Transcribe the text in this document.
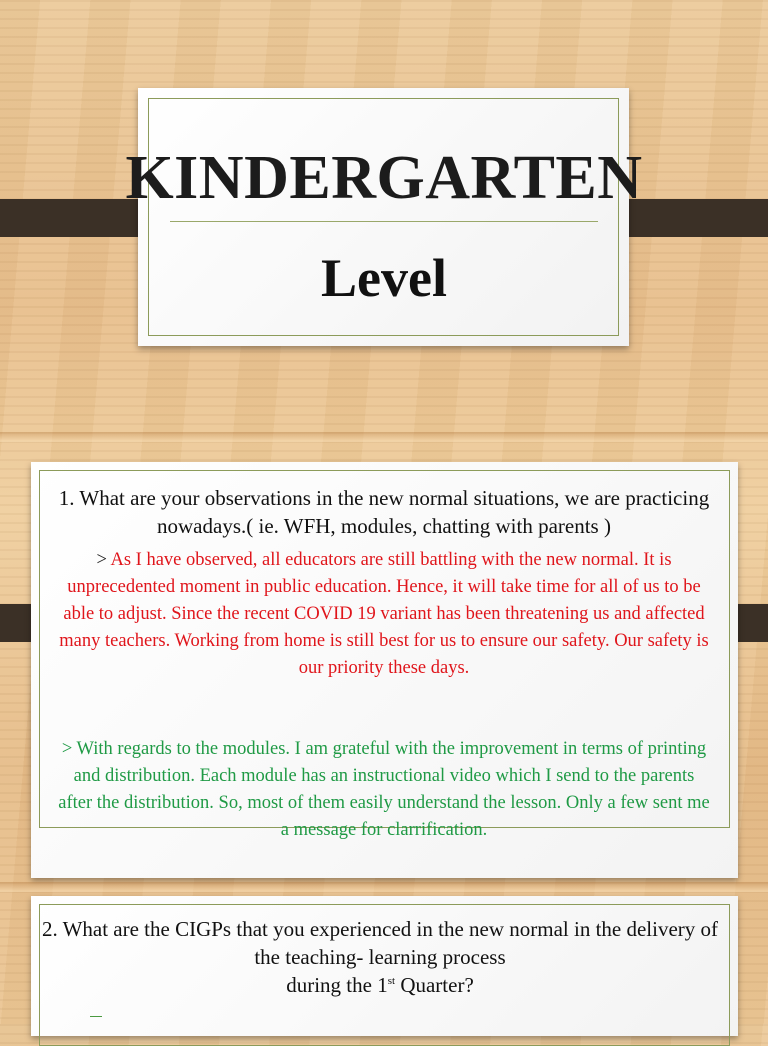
KINDERGARTEN
Level
1. What are your observations in the new normal situations, we are practicing nowadays.( ie. WFH, modules, chatting with parents )
> As I have observed, all educators are still battling with the new normal. It is unprecedented moment in public education. Hence, it will take time for all of us to be able to adjust. Since the recent COVID 19 variant has been threatening us and affected many teachers. Working from home is still best for us to ensure our safety. Our safety is our priority these days.
> With regards to the modules. I am grateful with the improvement in terms of printing and distribution. Each module has an instructional video which I send to the parents after the distribution. So, most of them easily understand the lesson. Only a few sent me a message for clarrification.
2. What are the CIGPs that you experienced in the new normal in the delivery of the teaching- learning process
during the 1st Quarter?
